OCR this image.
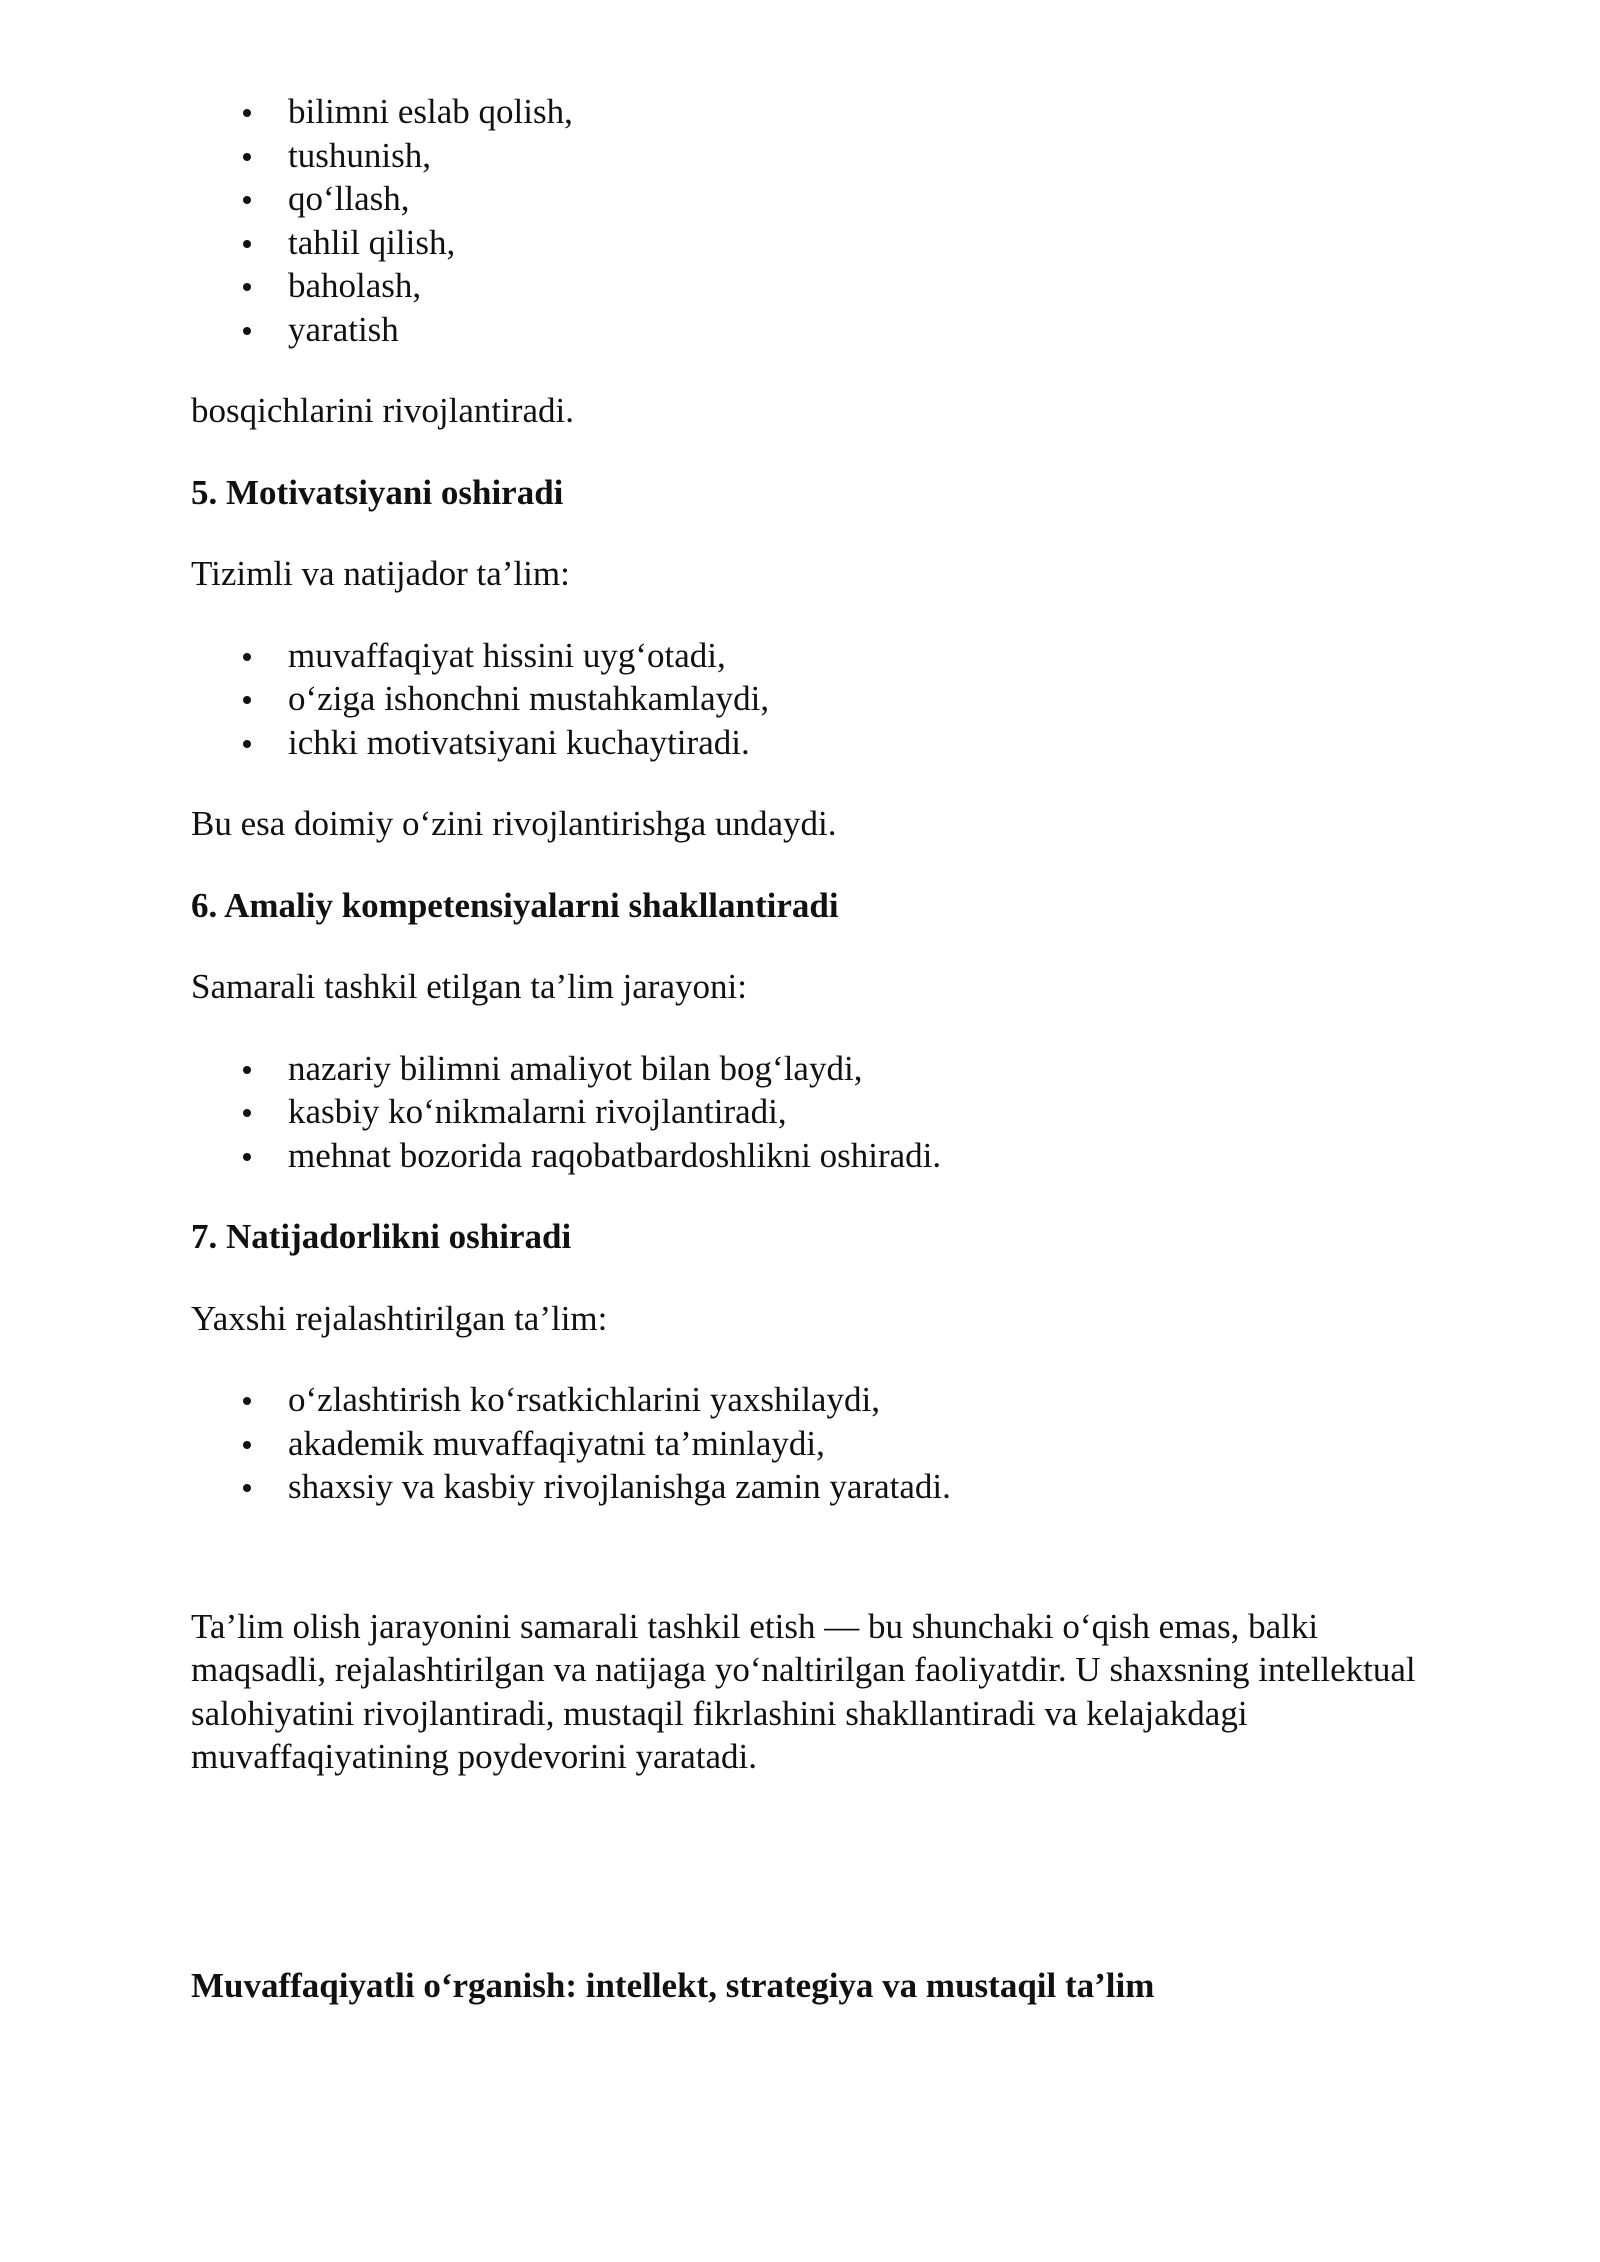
bilimni eslab qolish,
tushunish,
qo‘llash,
tahlil qilish,
baholash,
yaratish

bosqichlarini rivojlantiradi.

5. Motivatsiyani oshiradi

Tizimli va natijador ta’lim:

muvaffaqiyat hissini uyg‘otadi,
o‘ziga ishonchni mustahkamlaydi,
ichki motivatsiyani kuchaytiradi.

Bu esa doimiy o‘zini rivojlantirishga undaydi.

6. Amaliy kompetensiyalarni shakllantiradi

Samarali tashkil etilgan ta’lim jarayoni:

nazariy bilimni amaliyot bilan bog‘laydi,
kasbiy ko‘nikmalarni rivojlantiradi,
mehnat bozorida raqobatbardoshlikni oshiradi.
7. Natijadorlikni oshiradi

Yaxshi rejalashtirilgan ta’lim:

o‘zlashtirish ko‘rsatkichlarini yaxshilaydi,
akademik muvaffaqiyatni ta’minlaydi,
shaxsiy va kasbiy rivojlanishga zamin yaratadi.

Ta’lim olish jarayonini samarali tashkil etish — bu shunchaki o‘qish emas, balki
maqsadli, rejalashtirilgan va natijaga yo‘naltirilgan faoliyatdir. U shaxsning intellektual
salohiyatini rivojlantiradi, mustaqil fikrlashini shakllantiradi va kelajakdagi
muvaffaqiyatining poydevorini yaratadi.

Muvaffaqiyatli o‘rganish: intellekt, strategiya va mustaqil ta’lim
